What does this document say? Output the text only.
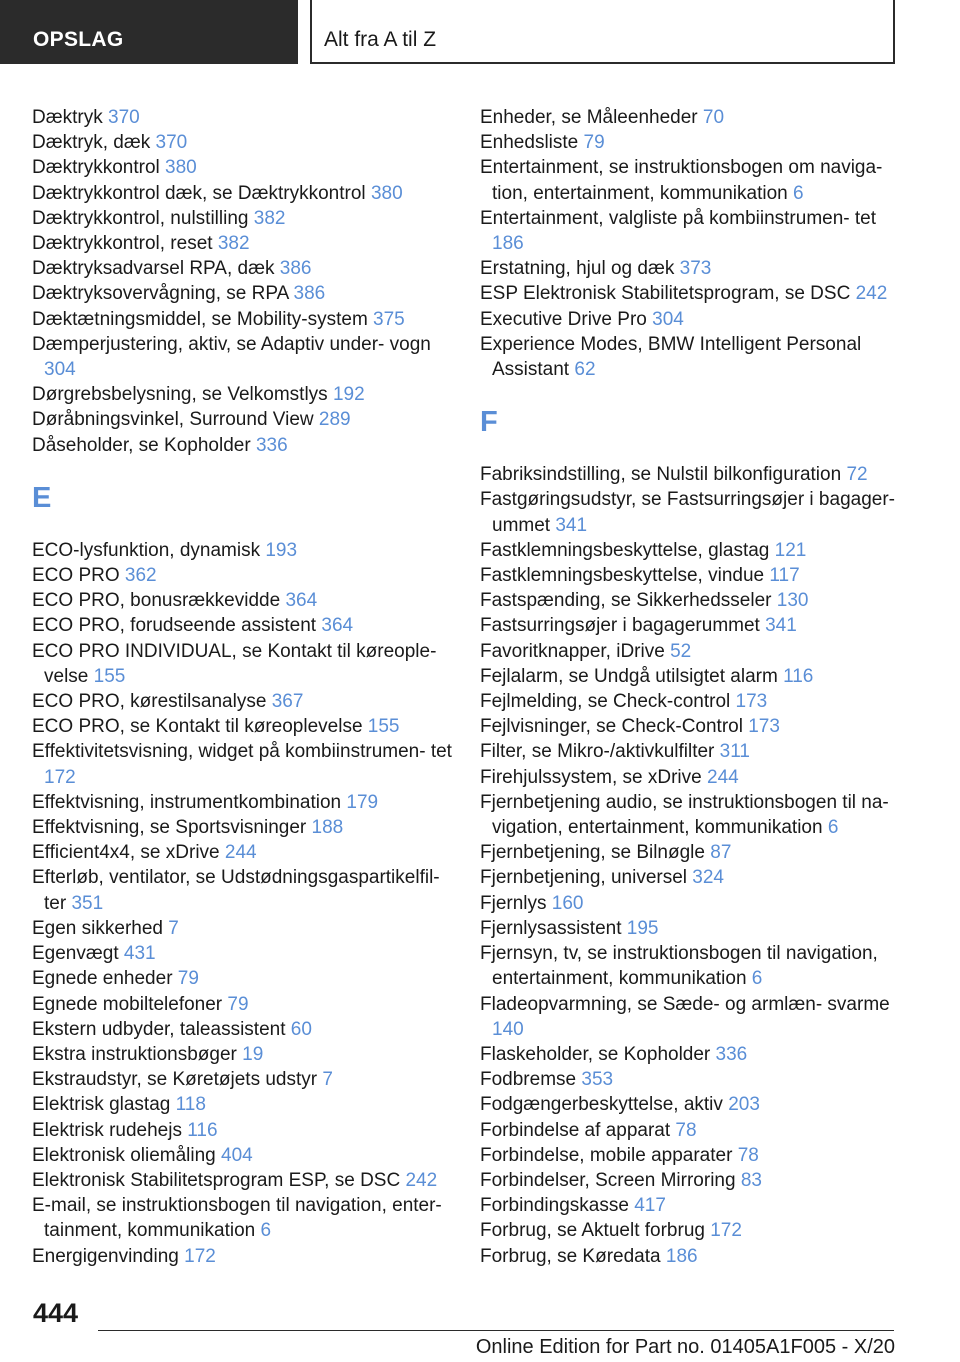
OPSLAG	Alt fra A til Z
Dæktryk 370
Dæktryk, dæk 370
Dæktrykkontrol 380
Dæktrykkontrol dæk, se Dæktrykkontrol 380
Dæktrykkontrol, nulstilling 382
Dæktrykkontrol, reset 382
Dæktryksadvarsel RPA, dæk 386
Dæktryksovervågning, se RPA 386
Dæktætningsmiddel, se Mobility-system 375
Dæmperjustering, aktiv, se Adaptiv under‐ vogn 304
Dørgrebsbelysning, se Velkomstlys 192
Døråbningsvinkel, Surround View 289
Dåseholder, se Kopholder 336
E
ECO-lysfunktion, dynamisk 193
ECO PRO 362
ECO PRO, bonusrækkevidde 364
ECO PRO, forudseende assistent 364
ECO PRO INDIVIDUAL, se Kontakt til køreople‐ velse 155
ECO PRO, kørestilsanalyse 367
ECO PRO, se Kontakt til køreoplevelse 155
Effektivitetsvisning, widget på kombiinstrumen‐ tet 172
Effektvisning, instrumentkombination 179
Effektvisning, se Sportsvisninger 188
Efficient4x4, se xDrive 244
Efterløb, ventilator, se Udstødningsgaspartikelfil‐ ter 351
Egen sikkerhed 7
Egenvægt 431
Egnede enheder 79
Egnede mobiltelefoner 79
Ekstern udbyder, taleassistent 60
Ekstra instruktionsbøger 19
Ekstraudstyr, se Køretøjets udstyr 7
Elektrisk glastag 118
Elektrisk rudehejs 116
Elektronisk oliemåling 404
Elektronisk Stabilitetsprogram ESP, se DSC 242
E-mail, se instruktionsbogen til navigation, enter‐ tainment, kommunikation 6
Energigenvinding 172
Enheder, se Måleenheder 70
Enhedsliste 79
Entertainment, se instruktionsbogen om naviga‐ tion, entertainment, kommunikation 6
Entertainment, valgliste på kombiinstrumen‐ tet 186
Erstatning, hjul og dæk 373
ESP Elektronisk Stabilitetsprogram, se DSC 242
Executive Drive Pro 304
Experience Modes, BMW Intelligent Personal Assistant 62
F
Fabriksindstilling, se Nulstil bilkonfiguration 72
Fastgøringsudstyr, se Fastsurringsøjer i bagager‐ ummet 341
Fastklemningsbeskyttelse, glastag 121
Fastklemningsbeskyttelse, vindue 117
Fastspænding, se Sikkerhedsseler 130
Fastsurringsøjer i bagagerummet 341
Favoritknapper, iDrive 52
Fejlalarm, se Undgå utilsigtet alarm 116
Fejlmelding, se Check-control 173
Fejlvisninger, se Check-Control 173
Filter, se Mikro-/aktivkulfilter 311
Firehjulssystem, se xDrive 244
Fjernbetjening audio, se instruktionsbogen til na‐ vigation, entertainment, kommunikation 6
Fjernbetjening, se Bilnøgle 87
Fjernbetjening, universel 324
Fjernlys 160
Fjernlysassistent 195
Fjernsyn, tv, se instruktionsbogen til navigation, entertainment, kommunikation 6
Fladeopvarmning, se Sæde- og armlæn‐ svarme 140
Flaskeholder, se Kopholder 336
Fodbremse 353
Fodgængerbeskyttelse, aktiv 203
Forbindelse af apparat 78
Forbindelse, mobile apparater 78
Forbindelser, Screen Mirroring 83
Forbindingskasse 417
Forbrug, se Aktuelt forbrug 172
Forbrug, se Køredata 186
444
Online Edition for Part no. 01405A1F005 - X/20
